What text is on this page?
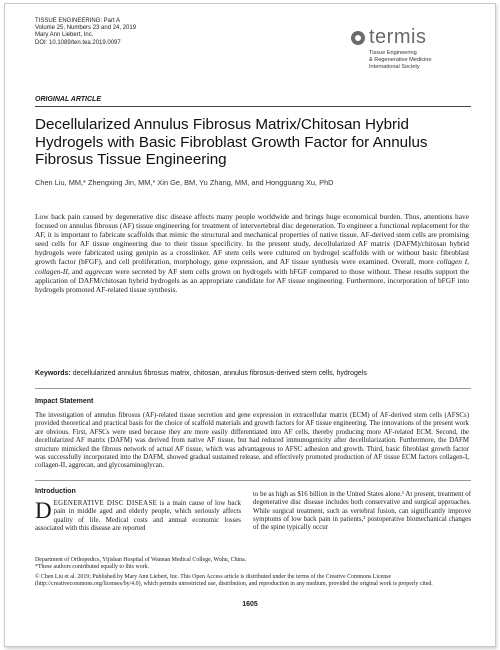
TISSUE ENGINEERING: Part A
Volume 25, Numbers 23 and 24, 2019
Mary Ann Liebert, Inc.
DOI: 10.1089/ten.tea.2019.0097	termis
Tissue Engineering
& Regenerative Medicine
International Society
ORIGINAL ARTICLE
Decellularized Annulus Fibrosus Matrix/Chitosan Hybrid Hydrogels with Basic Fibroblast Growth Factor for Annulus Fibrosus Tissue Engineering
Chen Liu, MM,* Zhengxing Jin, MM,* Xin Ge, BM, Yu Zhang, MM, and Hongguang Xu, PhD
Low back pain caused by degenerative disc disease affects many people worldwide and brings huge economical burden. Thus, attentions have focused on annulus fibrosus (AF) tissue engineering for treatment of intervertebral disc degeneration. To engineer a functional replacement for the AF, it is important to fabricate scaffolds that mimic the structural and mechanical properties of native tissue. AF-derived stem cells are promising seed cells for AF tissue engineering due to their tissue specificity. In the present study, decellularized AF matrix (DAFM)/chitosan hybrid hydrogels were fabricated using genipin as a crosslinker. AF stem cells were cultured on hydrogel scaffolds with or without basic fibroblast growth factor (bFGF), and cell proliferation, morphology, gene expression, and AF tissue synthesis were examined. Overall, more collagen I, collagen-II, and aggrecan were secreted by AF stem cells grown on hydrogels with bFGF compared to those without. These results support the application of DAFM/chitosan hybrid hydrogels as an appropriate candidate for AF tissue engineering. Furthermore, incorporation of bFGF into hydrogels promoted AF-related tissue synthesis.
Keywords: decellularized annulus fibrosus matrix, chitosan, annulus fibrosus-derived stem cells, hydrogels
Impact Statement
The investigation of annulus fibrosus (AF)-related tissue secretion and gene expression in extracellular matrix (ECM) of AF-derived stem cells (AFSCs) provided theoretical and practical basis for the choice of scaffold materials and growth factors for AF tissue engineering. The innovations of the present work are obvious. First, AFSCs were used because they are more easily differentiated into AF cells, thereby producing more AF-related ECM. Second, the decellularized AF matrix (DAFM) was derived from native AF tissue, but had reduced immunogenicity after decellularization. Furthermore, the DAFM structure mimicked the fibrous network of actual AF tissue, which was advantageous to AFSC adhesion and growth. Third, basic fibroblast growth factor was successfully incorporated into the DAFM, showed gradual sustained release, and effectively promoted production of AF tissue ECM factors collagen-I, collagen-II, aggrecan, and glycosaminoglycan.
Introduction
DEGENERATIVE DISC DISEASE is a main cause of low back pain in middle aged and elderly people, which seriously affects quality of life. Medical costs and annual economic losses associated with this disease are reported
to be as high as $16 billion in the United States alone.¹ At present, treatment of degenerative disc disease includes both conservative and surgical approaches. While surgical treatment, such as vertebral fusion, can significantly improve symptoms of low back pain in patients,² postoperative biomechanical changes of the spine typically occur

Department of Orthopedics, Yijishan Hospital of Wannan Medical College, Wuhu, China.

*These authors contributed equally to this work.

© Chen Liu et al. 2019; Published by Mary Ann Liebert, Inc. This Open Access article is distributed under the terms of the Creative Commons License (http://creativecommons.org/licenses/by/4.0), which permits unrestricted use, distribution, and reproduction in any medium, provided the original work is properly cited.

1605
